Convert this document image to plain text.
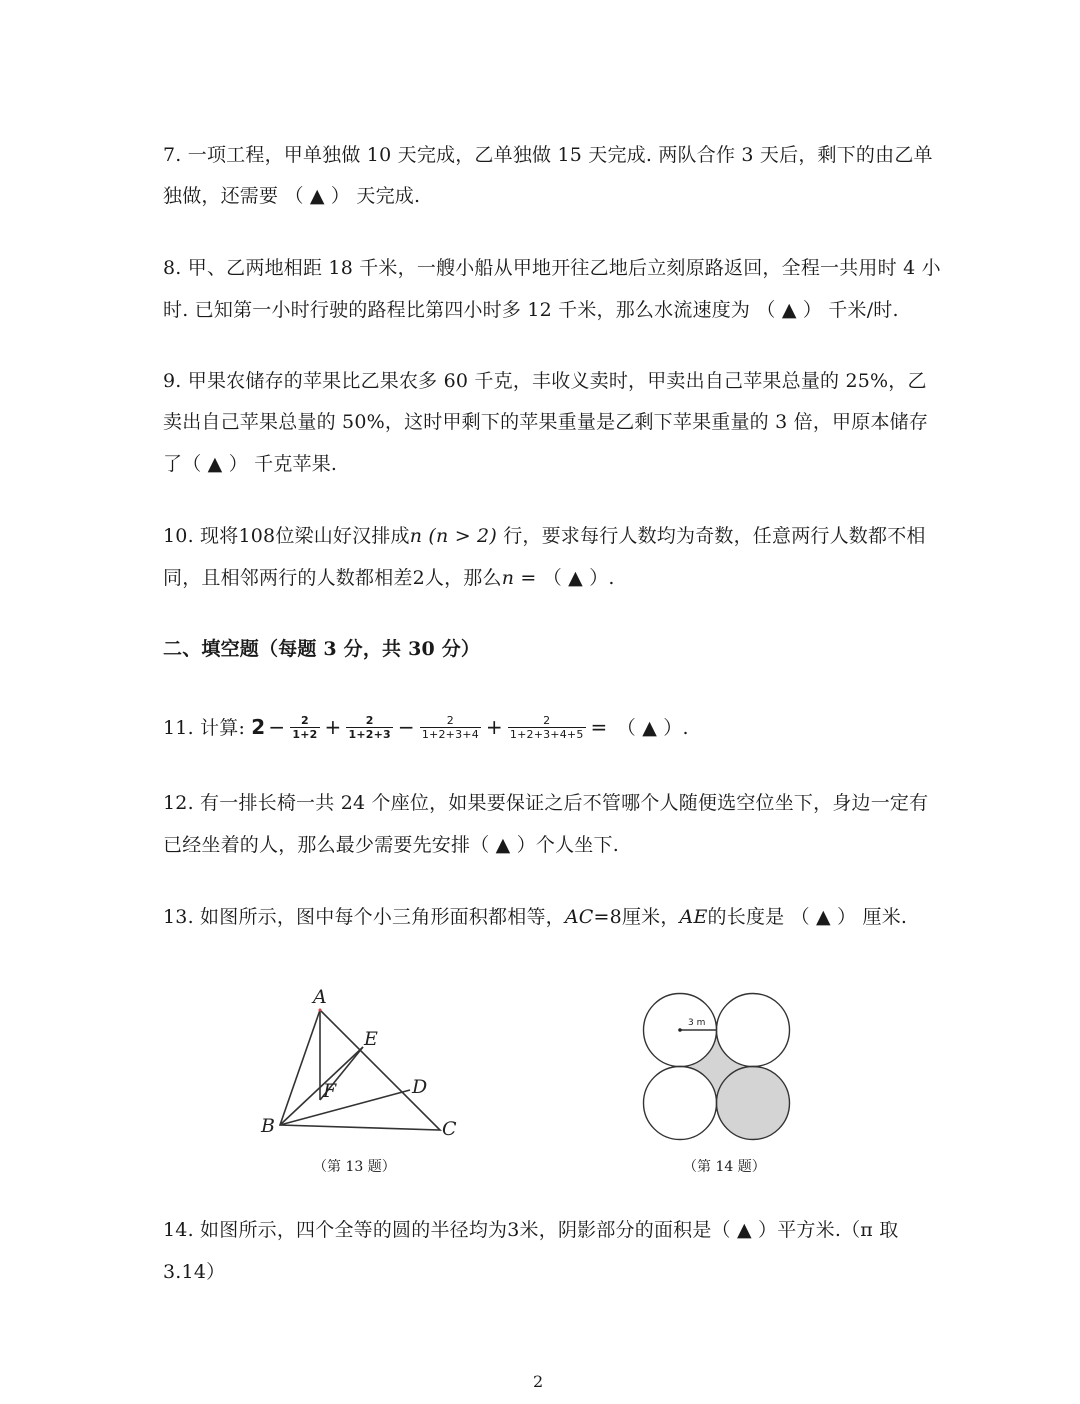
7. 一项工程，甲单独做 10 天完成，乙单独做 15 天完成. 两队合作 3 天后，剩下的由乙单
独做，还需要 （ ▲ ） 天完成.
8. 甲、乙两地相距 18 千米，一艘小船从甲地开往乙地后立刻原路返回，全程一共用时 4 小
时. 已知第一小时行驶的路程比第四小时多 12 千米，那么水流速度为 （ ▲ ） 千米/时.
9. 甲果农储存的苹果比乙果农多 60 千克，丰收义卖时，甲卖出自己苹果总量的 25%，乙
卖出自己苹果总量的 50%，这时甲剩下的苹果重量是乙剩下苹果重量的 3 倍，甲原本储存
了（ ▲ ） 千克苹果.
10. 现将108位梁山好汉排成n (n > 2) 行，要求每行人数均为奇数，任意两行人数都不相
同，且相邻两行的人数都相差2人，那么n = （ ▲ ）.
二、填空题（每题 3 分，共 30 分）
11. 计算: $2 - \frac{2}{1+2} + \frac{2}{1+2+3} - \frac{2}{1+2+3+4} + \frac{2}{1+2+3+4+5}$ = （ ▲ ）.
12. 有一排长椅一共 24 个座位，如果要保证之后不管哪个人随便选空位坐下，身边一定有
已经坐着的人，那么最少需要先安排（ ▲ ）个人坐下.
13. 如图所示，图中每个小三角形面积都相等，AC=8厘米，AE的长度是 （ ▲ ） 厘米.
A
B	C
D
E
F
（第 13 题）
3 m
（第 14 题）
14. 如图所示，四个全等的圆的半径均为3米，阴影部分的面积是（ ▲ ）平方米.（π 取
3.14）
2
